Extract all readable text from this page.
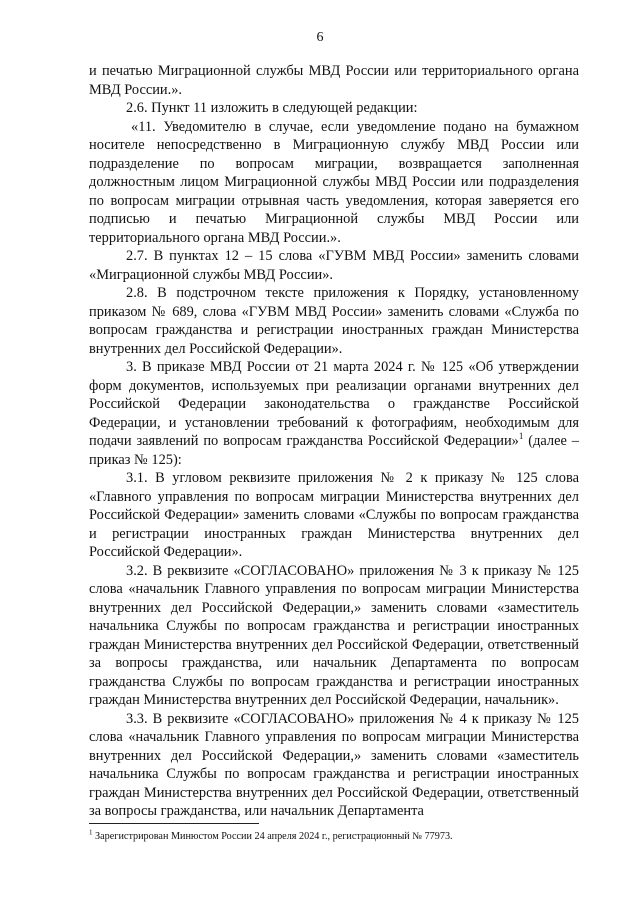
6

и печатью Миграционной службы МВД России или территориального органа МВД России.».

2.6. Пункт 11 изложить в следующей редакции:

«11. Уведомителю в случае, если уведомление подано на бумажном носителе непосредственно в Миграционную службу МВД России или подразделение по вопросам миграции, возвращается заполненная должностным лицом Миграционной службы МВД России или подразделения по вопросам миграции отрывная часть уведомления, которая заверяется его подписью и печатью Миграционной службы МВД России или территориального органа МВД России.».

2.7. В пунктах 12 – 15 слова «ГУВМ МВД России» заменить словами «Миграционной службы МВД России».

2.8. В подстрочном тексте приложения к Порядку, установленному приказом № 689, слова «ГУВМ МВД России» заменить словами «Служба по вопросам гражданства и регистрации иностранных граждан Министерства внутренних дел Российской Федерации».

3. В приказе МВД России от 21 марта 2024 г. № 125 «Об утверждении форм документов, используемых при реализации органами внутренних дел Российской Федерации законодательства о гражданстве Российской Федерации, и установлении требований к фотографиям, необходимым для подачи заявлений по вопросам гражданства Российской Федерации»$^1$ (далее – приказ № 125):

3.1. В угловом реквизите приложения № 2 к приказу № 125 слова «Главного управления по вопросам миграции Министерства внутренних дел Российской Федерации» заменить словами «Службы по вопросам гражданства и регистрации иностранных граждан Министерства внутренних дел Российской Федерации».

3.2. В реквизите «СОГЛАСОВАНО» приложения № 3 к приказу № 125 слова «начальник Главного управления по вопросам миграции Министерства внутренних дел Российской Федерации,» заменить словами «заместитель начальника Службы по вопросам гражданства и регистрации иностранных граждан Министерства внутренних дел Российской Федерации, ответственный за вопросы гражданства, или начальник Департамента по вопросам гражданства Службы по вопросам гражданства и регистрации иностранных граждан Министерства внутренних дел Российской Федерации, начальник».

3.3. В реквизите «СОГЛАСОВАНО» приложения № 4 к приказу № 125 слова «начальник Главного управления по вопросам миграции Министерства внутренних дел Российской Федерации,» заменить словами «заместитель начальника Службы по вопросам гражданства и регистрации иностранных граждан Министерства внутренних дел Российской Федерации, ответственный за вопросы гражданства, или начальник Департамента

$^1$ Зарегистрирован Минюстом России 24 апреля 2024 г., регистрационный № 77973.
